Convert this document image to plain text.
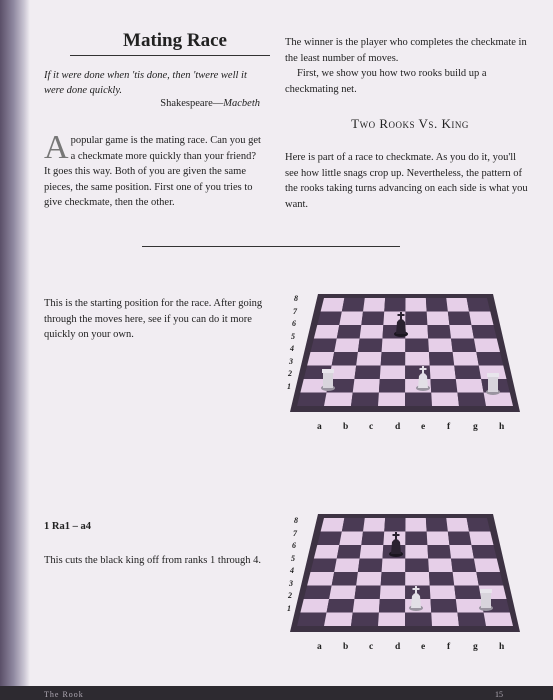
Mating Race
If it were done when 'tis done, then 'twere well it were done quickly.
Shakespeare—Macbeth
A popular game is the mating race. Can you get a checkmate more quickly than your friend? It goes this way. Both of you are given the same pieces, the same position. First one of you tries to give checkmate, then the other.
The winner is the player who completes the checkmate in the least number of moves.
First, we show you how two rooks build up a checkmating net.
Two Rooks Vs. King
Here is part of a race to checkmate. As you do it, you'll see how little snags crop up. Nevertheless, the pattern of the rooks taking turns advancing on each side is what you want.
This is the starting position for the race. After going through the moves here, see if you can do it more quickly on your own.
1 Ra1 – a4
This cuts the black king off from ranks 1 through 4.
8
7
6
5
4
3
2
1
a b c d e f g h
8
7
6
5
4
3
2
1
a b c d e f g h
The Rook	15
